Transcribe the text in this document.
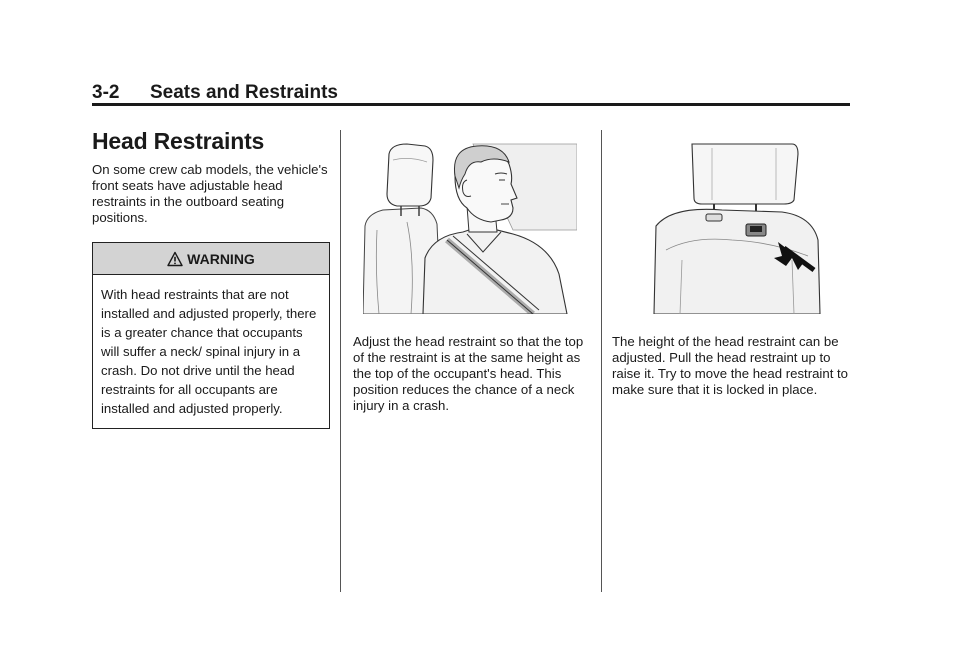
3-2 Seats and Restraints
Head Restraints

On some crew cab models, the vehicle's front seats have adjustable head restraints in the outboard seating positions.

WARNING
With head restraints that are not installed and adjusted properly, there is a greater chance that occupants will suffer a neck/ spinal injury in a crash. Do not drive until the head restraints for all occupants are installed and adjusted properly.

Adjust the head restraint so that the top of the restraint is at the same height as the top of the occupant's head. This position reduces the chance of a neck injury in a crash.

The height of the head restraint can be adjusted. Pull the head restraint up to raise it. Try to move the head restraint to make sure that it is locked in place.
